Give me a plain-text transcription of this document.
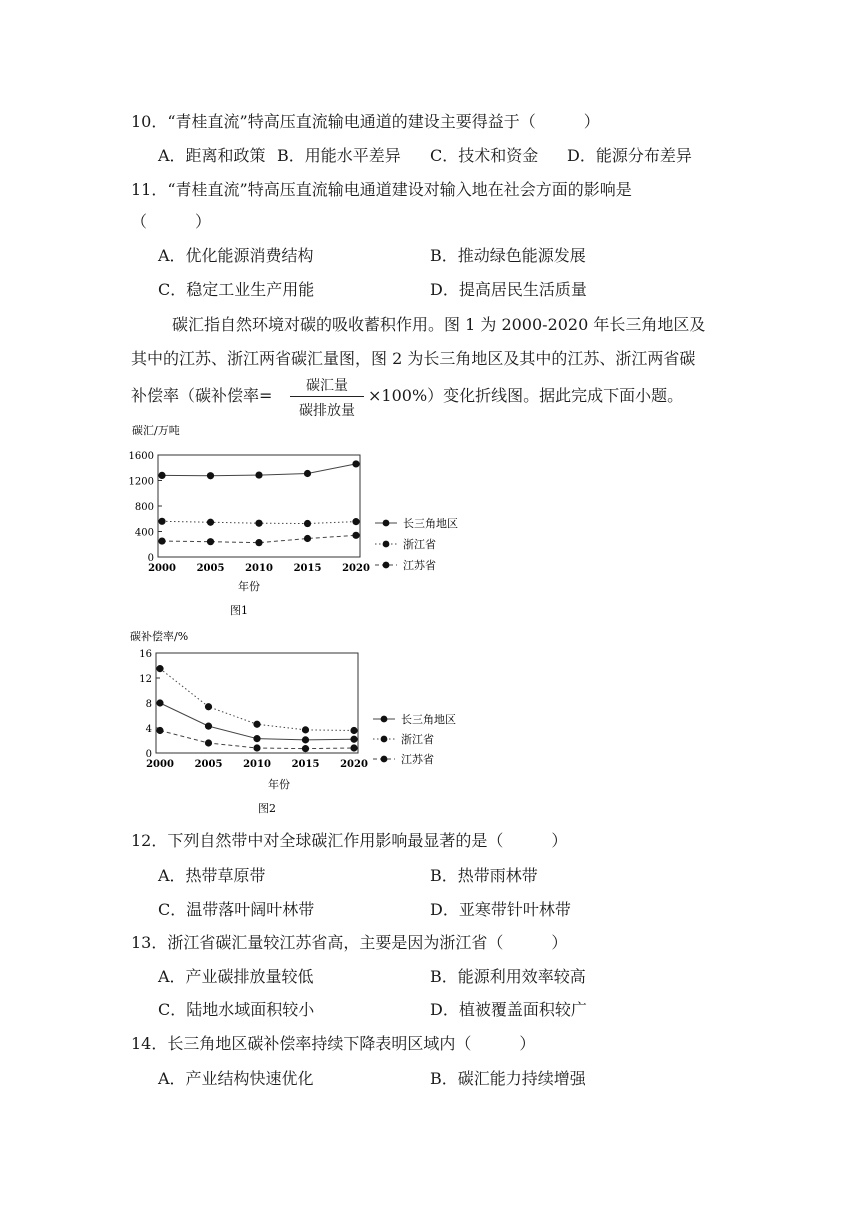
10．“青桂直流”特高压直流输电通道的建设主要得益于（　　　）
A．距离和政策 B．用能水平差异 C．技术和资金 D．能源分布差异
11．“青桂直流”特高压直流输电通道建设对输入地在社会方面的影响是
（　　　）
A．优化能源消费结构	B．推动绿色能源发展
C．稳定工业生产用能	D．提高居民生活质量
碳汇指自然环境对碳的吸收蓄积作用。图 1 为 2000-2020 年长三角地区及
其中的江苏、浙江两省碳汇量图，图 2 为长三角地区及其中的江苏、浙江两省碳
补偿率（碳补偿率=	碳汇量
碳排放量
×100%）变化折线图。据此完成下面小题。
碳汇/万吨
0
400
800
1200
1600
2000 2005 2010 2015 2020
长三角地区
浙江省
江苏省
年份
图1
碳补偿率/%
0
4
8
12
16
2000 2005 2010 2015 2020
长三角地区
浙江省
江苏省
年份
图2
12．下列自然带中对全球碳汇作用影响最显著的是（　　　）
A．热带草原带	B．热带雨林带
C．温带落叶阔叶林带	D．亚寒带针叶林带
13．浙江省碳汇量较江苏省高，主要是因为浙江省（　　　）
A．产业碳排放量较低	B．能源利用效率较高
C．陆地水域面积较小	D．植被覆盖面积较广
14．长三角地区碳补偿率持续下降表明区域内（　　　）
A．产业结构快速优化	B．碳汇能力持续增强
